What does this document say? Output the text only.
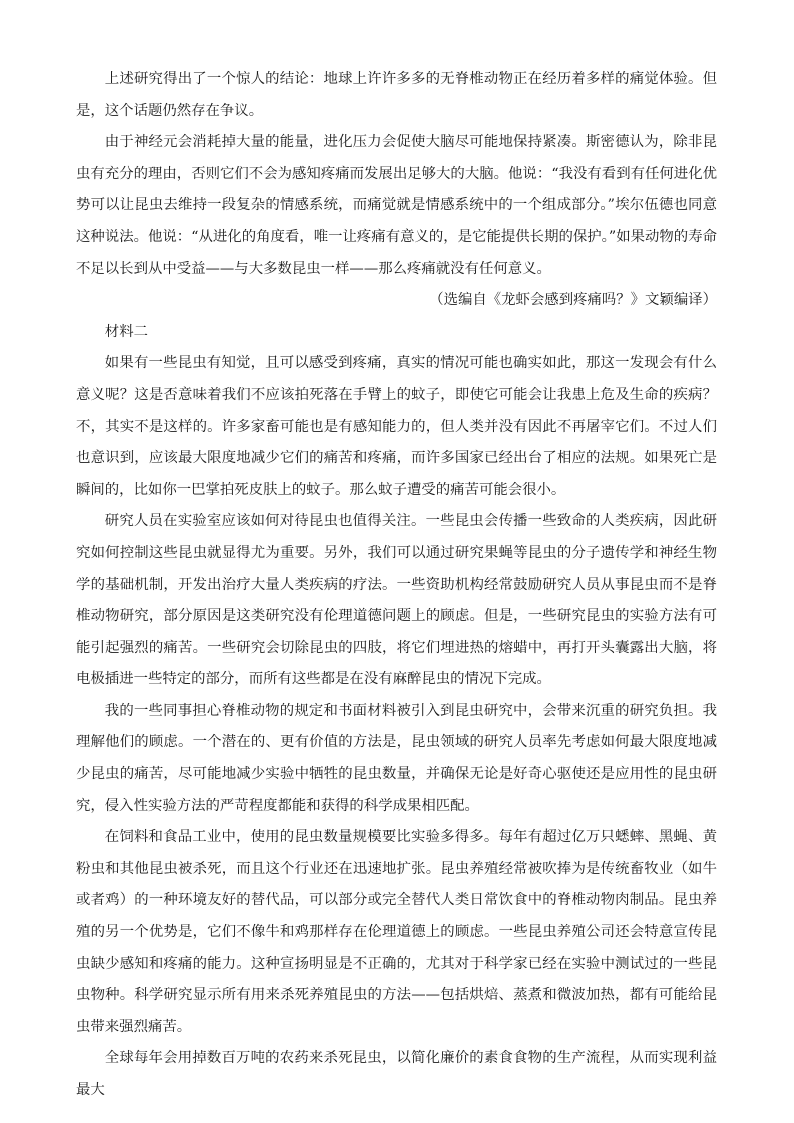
上述研究得出了一个惊人的结论：地球上许许多多的无脊椎动物正在经历着多样的痛觉体验。但是，这个话题仍然存在争议。

由于神经元会消耗掉大量的能量，进化压力会促使大脑尽可能地保持紧凑。斯密德认为，除非昆虫有充分的理由，否则它们不会为感知疼痛而发展出足够大的大脑。他说：“我没有看到有任何进化优势可以让昆虫去维持一段复杂的情感系统，而痛觉就是情感系统中的一个组成部分。”埃尔伍德也同意这种说法。他说：“从进化的角度看，唯一让疼痛有意义的，是它能提供长期的保护。”如果动物的寿命不足以长到从中受益——与大多数昆虫一样——那么疼痛就没有任何意义。

（选编自《龙虾会感到疼痛吗？》文颖编译）

材料二

如果有一些昆虫有知觉，且可以感受到疼痛，真实的情况可能也确实如此，那这一发现会有什么意义呢？这是否意味着我们不应该拍死落在手臂上的蚊子，即使它可能会让我患上危及生命的疾病？不，其实不是这样的。许多家畜可能也是有感知能力的，但人类并没有因此不再屠宰它们。不过人们也意识到，应该最大限度地减少它们的痛苦和疼痛，而许多国家已经出台了相应的法规。如果死亡是瞬间的，比如你一巴掌拍死皮肤上的蚊子。那么蚊子遭受的痛苦可能会很小。

研究人员在实验室应该如何对待昆虫也值得关注。一些昆虫会传播一些致命的人类疾病，因此研究如何控制这些昆虫就显得尤为重要。另外，我们可以通过研究果蝇等昆虫的分子遗传学和神经生物学的基础机制，开发出治疗大量人类疾病的疗法。一些资助机构经常鼓励研究人员从事昆虫而不是脊椎动物研究，部分原因是这类研究没有伦理道德问题上的顾虑。但是，一些研究昆虫的实验方法有可能引起强烈的痛苦。一些研究会切除昆虫的四肢，将它们埋进热的熔蜡中，再打开头囊露出大脑，将电极插进一些特定的部分，而所有这些都是在没有麻醉昆虫的情况下完成。

我的一些同事担心脊椎动物的规定和书面材料被引入到昆虫研究中，会带来沉重的研究负担。我理解他们的顾虑。一个潜在的、更有价值的方法是，昆虫领域的研究人员率先考虑如何最大限度地减少昆虫的痛苦，尽可能地减少实验中牺牲的昆虫数量，并确保无论是好奇心驱使还是应用性的昆虫研究，侵入性实验方法的严苛程度都能和获得的科学成果相匹配。

在饲料和食品工业中，使用的昆虫数量规模要比实验多得多。每年有超过亿万只蟋蟀、黑蝇、黄粉虫和其他昆虫被杀死，而且这个行业还在迅速地扩张。昆虫养殖经常被吹捧为是传统畜牧业（如牛或者鸡）的一种环境友好的替代品，可以部分或完全替代人类日常饮食中的脊椎动物肉制品。昆虫养殖的另一个优势是，它们不像牛和鸡那样存在伦理道德上的顾虑。一些昆虫养殖公司还会特意宣传昆虫缺少感知和疼痛的能力。这种宣扬明显是不正确的，尤其对于科学家已经在实验中测试过的一些昆虫物种。科学研究显示所有用来杀死养殖昆虫的方法——包括烘焙、蒸煮和微波加热，都有可能给昆虫带来强烈痛苦。

全球每年会用掉数百万吨的农药来杀死昆虫，以简化廉价的素食食物的生产流程，从而实现利益最大
